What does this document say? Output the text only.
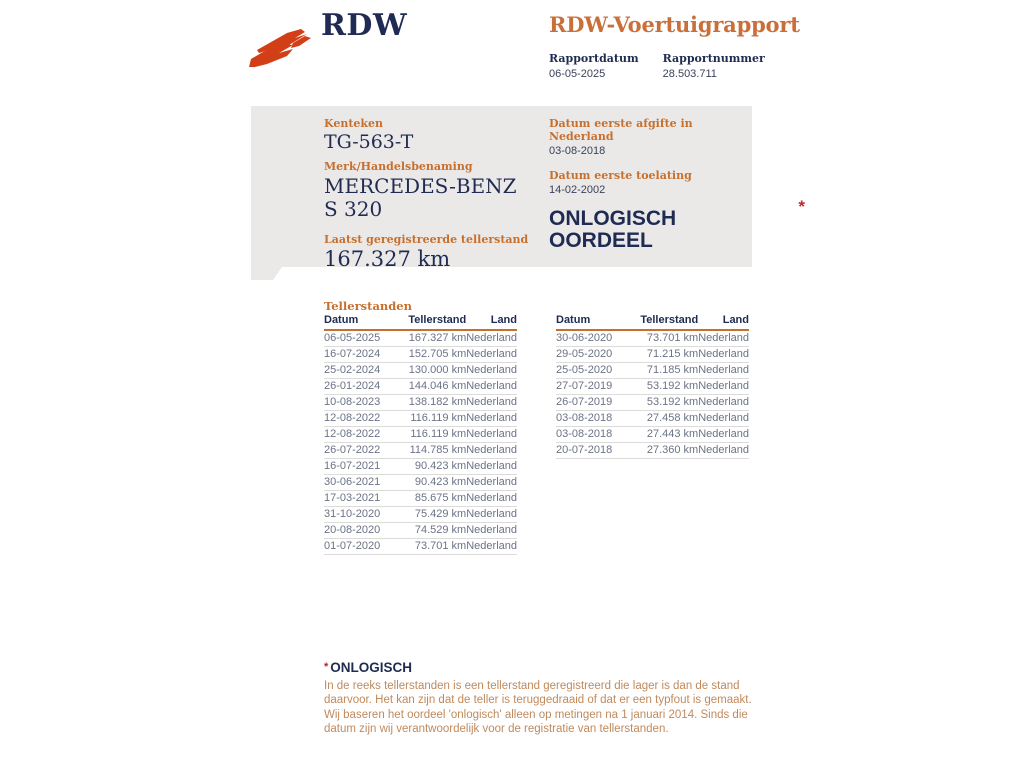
RDW	RDW-Voertuigrapport
Rapportdatum
06-05-2025
Rapportnummer
28.503.711
Kenteken
TG-563-T
Merk/Handelsbenaming
MERCEDES-BENZ S 320
Laatst geregistreerde tellerstand
167.327 km
Datum eerste afgifte in Nederland
03-08-2018
Datum eerste toelating
14-02-2002
ONLOGISCH OORDEEL
*
Tellerstanden
Datum	Tellerstand	Land
06-05-2025	167.327 km	Nederland
16-07-2024	152.705 km	Nederland
25-02-2024	130.000 km	Nederland
26-01-2024	144.046 km	Nederland
10-08-2023	138.182 km	Nederland
12-08-2022	116.119 km	Nederland
12-08-2022	116.119 km	Nederland
26-07-2022	114.785 km	Nederland
16-07-2021	90.423 km	Nederland
30-06-2021	90.423 km	Nederland
17-03-2021	85.675 km	Nederland
31-10-2020	75.429 km	Nederland
20-08-2020	74.529 km	Nederland
01-07-2020	73.701 km	Nederland
Datum	Tellerstand	Land
30-06-2020	73.701 km	Nederland
29-05-2020	71.215 km	Nederland
25-05-2020	71.185 km	Nederland
27-07-2019	53.192 km	Nederland
26-07-2019	53.192 km	Nederland
03-08-2018	27.458 km	Nederland
03-08-2018	27.443 km	Nederland
20-07-2018	27.360 km	Nederland
* ONLOGISCH
In de reeks tellerstanden is een tellerstand geregistreerd die lager is dan de stand daarvoor. Het kan zijn dat de teller is teruggedraaid of dat er een typfout is gemaakt. Wij baseren het oordeel 'onlogisch' alleen op metingen na 1 januari 2014. Sinds die datum zijn wij verantwoordelijk voor de registratie van tellerstanden.
